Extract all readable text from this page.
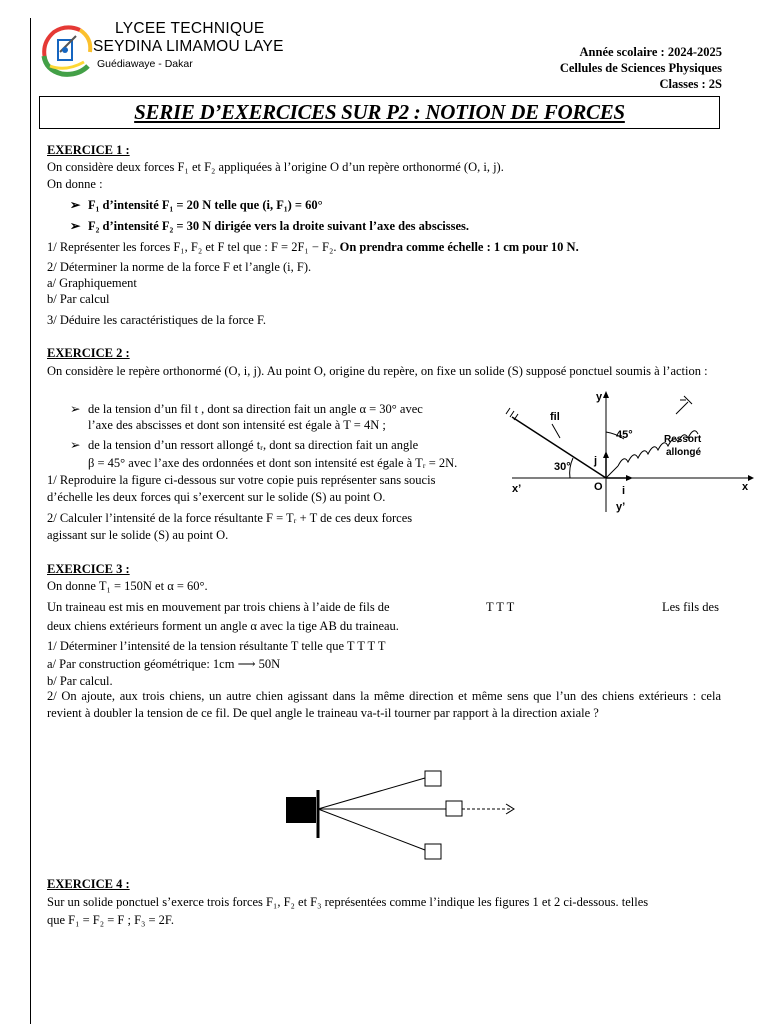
LYCEE TECHNIQUE
SEYDINA LIMAMOU LAYE
Guédiawaye - Dakar
Année scolaire : 2024-2025
Cellules de Sciences Physiques
Classes : 2S
SERIE D’EXERCICES SUR P2 : NOTION DE FORCES
EXERCICE 1 :
On considère deux forces F₁ et F₂ appliquées à l’origine O d’un repère orthonormé (O, i, j).
On donne :
➢ F₁ d’intensité F₁ = 20 N telle que (i, F₁) = 60°
➢ F₂ d’intensité F₂ = 30 N dirigée vers la droite suivant l’axe des abscisses.
1/ Représenter les forces F₁, F₂ et F tel que : F = 2F₁ − F₂. On prendra comme échelle : 1 cm pour 10 N.
2/ Déterminer la norme de la force F et l’angle (i, F).
a/ Graphiquement
b/ Par calcul
3/ Déduire les caractéristiques de la force F.
EXERCICE 2 :
On considère le repère orthonormé (O, i, j). Au point O, origine du repère, on fixe un solide (S) supposé ponctuel soumis à l’action :
➢ de la tension d’un fil t , dont sa direction fait un angle α = 30° avec
l’axe des abscisses et dont son intensité est égale à T = 4N ;
➢ de la tension d’un ressort allongé tᵣ, dont sa direction fait un angle
β = 45° avec l’axe des ordonnées et dont son intensité est égale à Tᵣ = 2N.
1/ Reproduire la figure ci-dessous sur votre copie puis représenter sans soucis
d’échelle les deux forces qui s’exercent sur le solide (S) au point O.
2/ Calculer l’intensité de la force résultante F = Tᵣ + T de ces deux forces
agissant sur le solide (S) au point O.
fil
Ressort
allongé
45°
30°
y
y’
x
x’	O i
j
EXERCICE 3 :
On donne T₁ = 150N et α = 60°.
Un traineau est mis en mouvement par trois chiens à l’aide de fils de	T T T	Les fils des
deux chiens extérieurs forment un angle α avec la tige AB du traineau.
1/ Déterminer l’intensité de la tension résultante T telle que T T T T
a/ Par construction géométrique: 1cm ⟶ 50N
b/ Par calcul.
2/ On ajoute, aux trois chiens, un autre chien agissant dans la même direction et même sens que l’un des chiens extérieurs : cela revient à doubler la tension de ce fil. De quel angle le traineau va-t-il tourner par rapport à la direction axiale ?
EXERCICE 4 :
Sur un solide ponctuel s’exerce trois forces F₁, F₂ et F₃ représentées comme l’indique les figures 1 et 2 ci-dessous. telles
que F₁ = F₂ = F ; F₃ = 2F.
